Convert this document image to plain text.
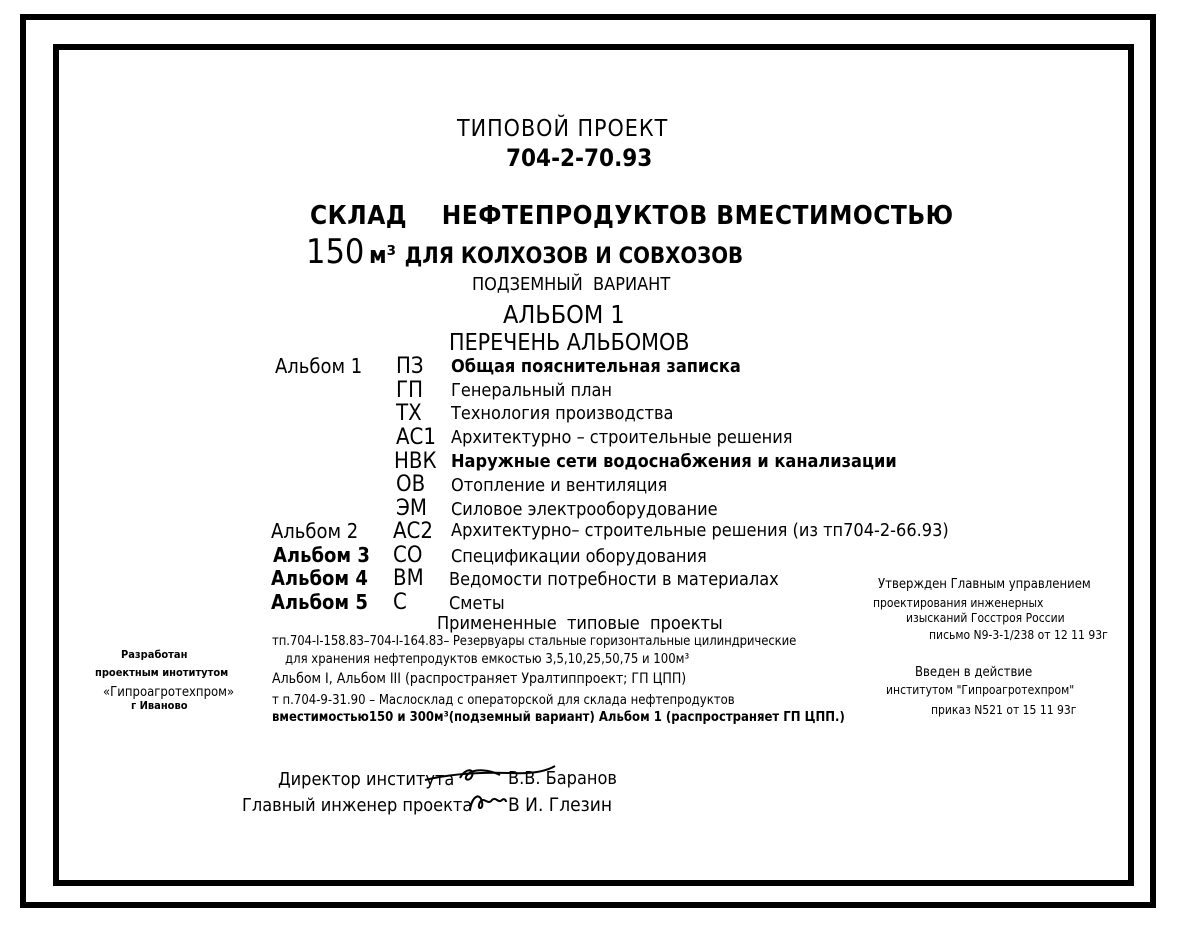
ТИПОВОЙ ПРОЕКТ
704-2-70.93
СКЛАД    НЕФТЕПРОДУКТОВ ВМЕСТИМОСТЬЮ
150 м³ ДЛЯ КОЛХОЗОВ И СОВХОЗОВ
ПОДЗЕМНЫЙ  ВАРИАНТ
АЛЬБОМ 1
ПЕРЕЧЕНЬ АЛЬБОМОВ
Альбом 1 ПЗ Общая пояснительная записка
ГП Генеральный план
ТХ Технология производства
АС1 Архитектурно – строительные решения
НВК Наружные сети водоснабжения и канализации
ОВ Отопление и вентиляция
ЭМ Силовое электрооборудование
Альбом 2 АС2 Архитектурно– строительные решения (из тп704-2-66.93)
Альбом 3 СО Спецификации оборудования
Альбом 4 ВМ Ведомости потребности в материалах
Альбом 5 С Сметы
Примененные  типовые  проекты
тп.704-I-158.83–704-I-164.83– Резервуары стальные горизонтальные цилиндрические
для хранения нефтепродуктов емкостью 3,5,10,25,50,75 и 100м³
Альбом I, Альбом III (распространяет Уралтиппроект; ГП ЦПП)
т п.704-9-31.90 – Маслосклад с операторской для склада нефтепродуктов
вместимостью150 и 300м³(подземный вариант) Альбом 1 (распространяет ГП ЦПП.)
Разработан
проектным инотитутом
«Гипроагротехпром»
г Иваново
Утвержден Главным управлением
проектирования инженерных
изысканий Госстроя России
письмо N9-3-1/238 от 12 11 93г
Введен в действие
институтом "Гипроагротехпром"
приказ N521 от 15 11 93г
Директор института	В.В. Баранов
Главный инженер проекта В И. Глезин
